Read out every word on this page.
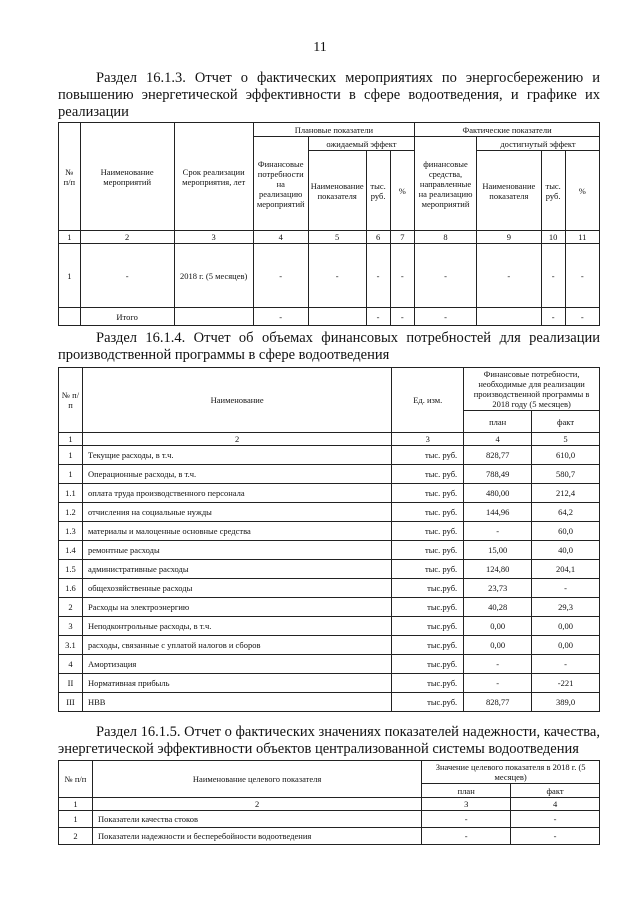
11
Раздел 16.1.3. Отчет о фактических мероприятиях по энергосбережению и
повышению энергетической эффективности в сфере водоотведения, и графике их
реализации
№ п/п	Наименование мероприятий	Срок реализации мероприятия, лет	Плановые показатели				Фактические показатели			
			Финансовые потребности на реализацию мероприятий	ожидаемый эффект			финансовые средства, направленные на реализацию мероприятий	достигнутый эффект		
				Наименование показателя	тыс. руб.	%		Наименование показателя	тыс. руб.	%
1	2	3	4	5	6	7	8	9	10	11
1	-	2018 г. (5 месяцев)	-	-	-	-	-	-	-	-
	Итого		-		-	-	-		-	-
Раздел 16.1.4. Отчет об объемах финансовых потребностей для реализации
производственной программы в сфере водоотведения
№ п/п	Наименование	Ед. изм.	Финансовые потребности, необходимые для реализации производственной программы в 2018 году (5 месяцев)	
			план	факт
1	2	3	4	5
1	Текущие расходы, в т.ч.	тыс. руб.	828,77	610,0
1	Операционные расходы, в т.ч.	тыс. руб.	788,49	580,7
1.1	оплата труда производственного персонала	тыс. руб.	480,00	212,4
1.2	отчисления на социальные нужды	тыс. руб.	144,96	64,2
1.3	материалы и малоценные основные средства	тыс. руб.	-	60,0
1.4	ремонтные расходы	тыс. руб.	15,00	40,0
1.5	административные расходы	тыс. руб.	124,80	204,1
1.6	общехозяйственные расходы	тыс.руб.	23,73	-
2	Расходы на электроэнергию	тыс.руб.	40,28	29,3
3	Неподконтрольные расходы, в т.ч.	тыс.руб.	0,00	0,00
3.1	расходы, связанные с уплатой налогов и сборов	тыс.руб.	0,00	0,00
4	Амортизация	тыс.руб.	-	-
II	Нормативная прибыль	тыс.руб.	-	-221
III	НВВ	тыс.руб.	828,77	389,0
Раздел 16.1.5. Отчет о фактических значениях показателей надежности, качества,
энергетической эффективности объектов централизованной системы водоотведения
№ п/п	Наименование целевого показателя	Значение целевого показателя в 2018 г. (5 месяцев)	
		план	факт
1	2	3	4
1	Показатели качества стоков	-	-
2	Показатели надежности и бесперебойности водоотведения	-	-
